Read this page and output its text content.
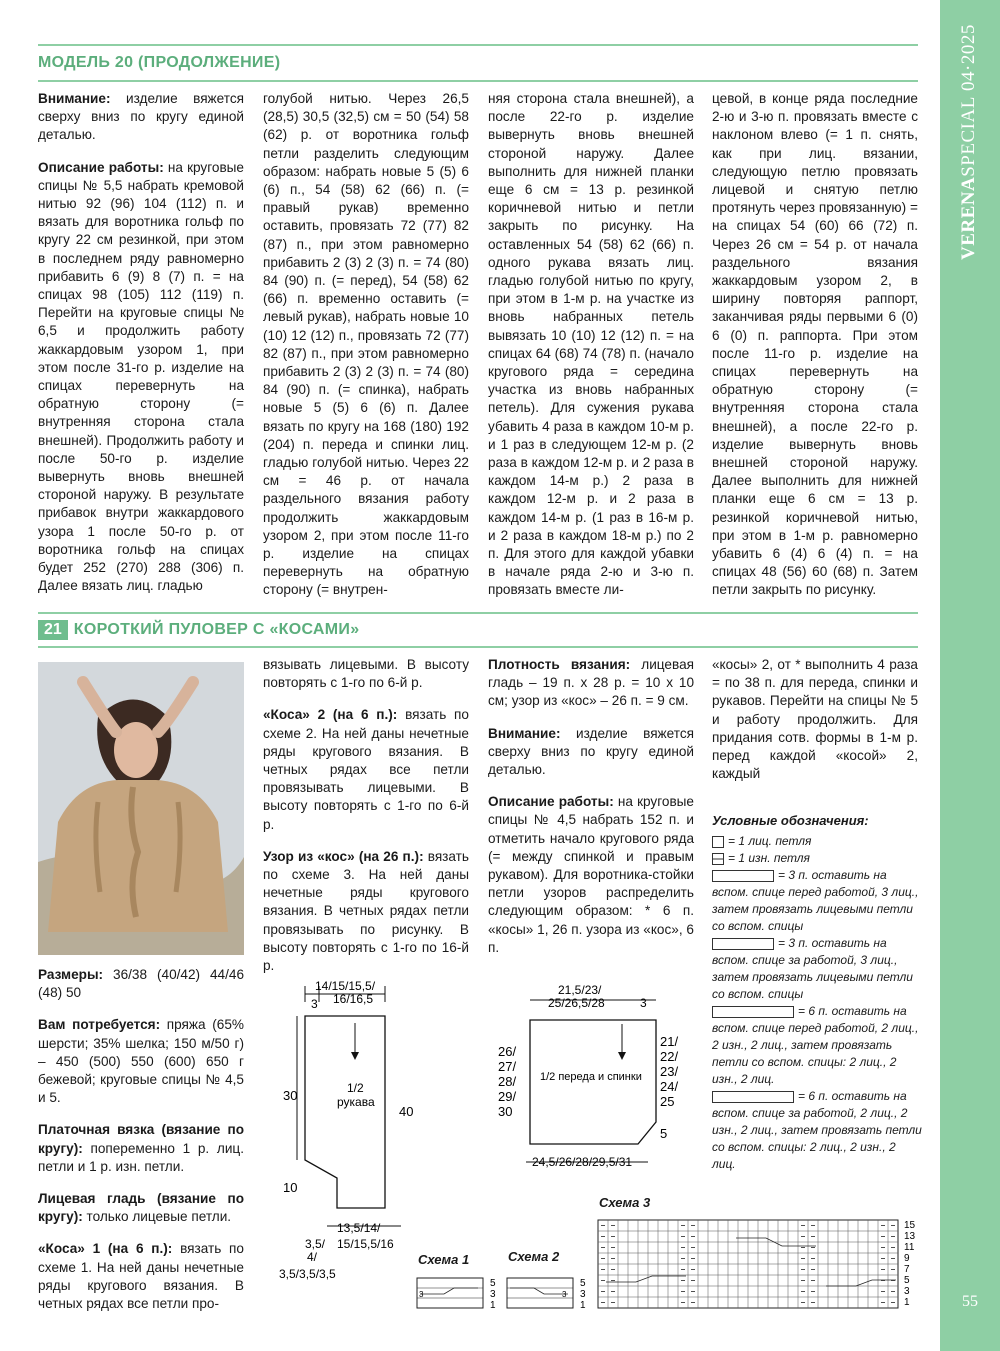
VERENASPECIAL 04·2025
55
МОДЕЛЬ 20 (ПРОДОЛЖЕНИЕ)

Внимание: изделие вяжется сверху вниз по кругу единой деталью.

Описание работы: на круговые спицы № 5,5 набрать кремовой нитью 92 (96) 104 (112) п. и вязать для воротника гольф по кругу 22 см резинкой, при этом в последнем ряду равномерно прибавить 6 (9) 8 (7) п. = на спицах 98 (105) 112 (119) п. Перейти на круговые спицы № 6,5 и продолжить работу жаккардовым узором 1, при этом после 31-го р. изделие на спицах перевернуть на обратную сторону (= внутренняя сторона стала внешней). Продолжить работу и после 50-го р. изделие вывернуть вновь внешней стороной наружу. В результате прибавок внутри жаккардового узора 1 после 50-го р. от воротника гольф на спицах будет 252 (270) 288 (306) п. Далее вязать лиц. гладью

голубой нитью. Через 26,5 (28,5) 30,5 (32,5) см = 50 (54) 58 (62) р. от воротника гольф петли разделить следующим образом: набрать новые 5 (5) 6 (6) п., 54 (58) 62 (66) п. (= правый рукав) временно оставить, провязать 72 (77) 82 (87) п., при этом равномерно прибавить 2 (3) 2 (3) п. = 74 (80) 84 (90) п. (= перед), 54 (58) 62 (66) п. временно оставить (= левый рукав), набрать новые 10 (10) 12 (12) п., провязать 72 (77) 82 (87) п., при этом равномерно прибавить 2 (3) 2 (3) п. = 74 (80) 84 (90) п. (= спинка), набрать новые 5 (5) 6 (6) п. Далее вязать по кругу на 168 (180) 192 (204) п. переда и спинки лиц. гладью голубой нитью. Через 22 см = 46 р. от начала раздельного вязания работу продолжить жаккардовым узором 2, при этом после 11-го р. изделие на спицах перевернуть на обратную сторону (= внутрен-
няя сторона стала внешней), а после 22-го р. изделие вывернуть вновь внешней стороной наружу. Далее выполнить для нижней планки еще 6 см = 13 р. резинкой коричневой нитью и петли закрыть по рисунку. На оставленных 54 (58) 62 (66) п. одного рукава вязать лиц. гладью голубой нитью по кругу, при этом в 1-м р. на участке из вновь набранных петель вывязать 10 (10) 12 (12) п. = на спицах 64 (68) 74 (78) п. (начало кругового ряда = середина участка из вновь набранных петель). Для сужения рукава убавить 4 раза в каждом 10-м р. и 1 раз в следующем 12-м р. (2 раза в каждом 12-м р. и 2 раза в каждом 14-м р.) 2 раза в каждом 12-м р. и 2 раза в каждом 14-м р. (1 раз в 16-м р. и 2 раза в каждом 18-м р.) по 2 п. Для этого для каждой убавки в начале ряда 2-ю и 3-ю п. провязать вместе ли-
цевой, в конце ряда последние 2-ю и 3-ю п. провязать вместе с наклоном влево (= 1 п. снять, как при лиц. вязании, следующую петлю провязать лицевой и снятую петлю протянуть через провязанную) = на спицах 54 (60) 66 (72) п. Через 26 см = 54 р. от начала раздельного вязания жаккардовым узором 2, в ширину повторяя раппорт, заканчивая ряды первыми 6 (0) 6 (0) п. раппорта. При этом после 11-го р. изделие на спицах перевернуть на обратную сторону (= внутренняя сторона стала внешней), а после 22-го р. изделие вывернуть вновь внешней стороной наружу. Далее выполнить для нижней планки еще 6 см = 13 р. резинкой коричневой нитью, при этом в 1-м р. равномерно убавить 6 (4) 6 (4) п. = на спицах 48 (56) 60 (68) п. Затем петли закрыть по рисунку.
21 КОРОТКИЙ ПУЛОВЕР С «КОСАМИ»

Размеры: 36/38 (40/42) 44/46 (48) 50

Вам потребуется: пряжа (65% шерсти; 35% шелка; 150 м/50 г) – 450 (500) 550 (600) 650 г бежевой; круговые спицы № 4,5 и 5.

Платочная вязка (вязание по кругу): попеременно 1 р. лиц. петли и 1 р. изн. петли.

Лицевая гладь (вязание по кругу): только лицевые петли.

«Коса» 1 (на 6 п.): вязать по схеме 1. На ней даны нечетные ряды кругового вязания. В четных рядах все петли про-

вязывать лицевыми. В высоту повторять с 1-го по 6-й р.

«Коса» 2 (на 6 п.): вязать по схеме 2. На ней даны нечетные ряды кругового вязания. В четных рядах все петли провязывать лицевыми. В высоту повторять с 1-го по 6-й р.

Узор из «кос» (на 26 п.): вязать по схеме 3. На ней даны нечетные ряды кругового вязания. В четных рядах петли провязывать по рисунку. В высоту повторять с 1-го по 16-й р.

Плотность вязания: лицевая гладь – 19 п. х 28 р. = 10 х 10 см; узор из «кос» – 26 п. = 9 см.

Внимание: изделие вяжется сверху вниз по кругу единой деталью.

Описание работы: на круговые спицы № 4,5 набрать 152 п. и отметить начало кругового ряда (= между спинкой и правым рукавом). Для воротника-стойки петли узоров распределить следующим образом: * 6 п. «косы» 1, 26 п. узора из «кос», 6 п.

«косы» 2, от * выполнить 4 раза = по 38 п. для переда, спинки и рукавов. Перейти на спицы № 5 и работу продолжить. Для придания сотв. формы в 1-м р. перед каждой «косой» 2, каждый
Условные обозначения:
= 1 лиц. петля
= 1 изн. петля
= 3 п. оставить на вспом. спице перед работой, 3 лиц., затем провязать лицевыми петли со вспом. спицы
= 3 п. оставить на вспом. спице за работой, 3 лиц., затем провязать лицевыми петли со вспом. спицы
= 6 п. оставить на вспом. спице перед работой, 2 лиц., 2 изн., 2 лиц., затем провязать петли со вспом. спицы: 2 лиц., 2 изн., 2 лиц.
= 6 п. оставить на вспом. спице за работой, 2 лиц., 2 изн., 2 лиц., затем провязать петли со вспом. спицы: 2 лиц., 2 изн., 2 лиц.
14/15/15,5/
16/16,5
3
1/2
рукава
30
40
10
13,5/14/
15/15,5/16
3,5/
4/
3,5/3,5/3,5
21,5/23/
25/26,5/28	3
1/2 переда и спинки
26/
27/
28/
29/
30
21/
22/
23/
24/
25
5
24,5/26/28/29,5/31
Схема 1	Схема 2
Схема 3
3
5
3
1
3
5
3
1
15
13
11
9
7
5
3
1
